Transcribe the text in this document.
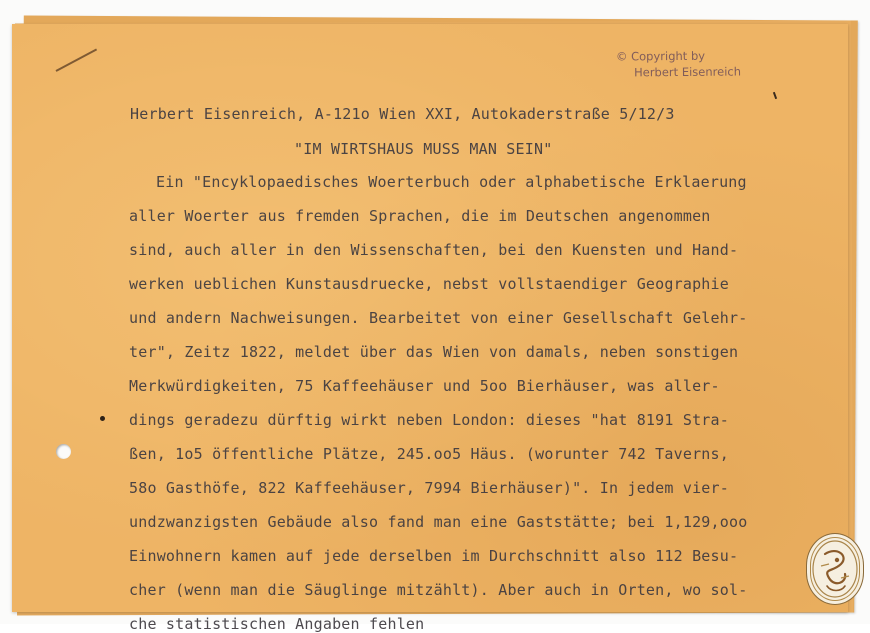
© Copyright by
Herbert Eisenreich
Herbert Eisenreich, A-121o Wien XXI, Autokaderstraße 5/12/3
"IM WIRTSHAUS MUSS MAN SEIN"
Ein "Encyklopaedisches Woerterbuch oder alphabetische Erklaerung
aller Woerter aus fremden Sprachen, die im Deutschen angenommen
sind, auch aller in den Wissenschaften, bei den Kuensten und Hand-
werken ueblichen Kunstausdruecke, nebst vollstaendiger Geographie
und andern Nachweisungen. Bearbeitet von einer Gesellschaft Gelehr-
ter", Zeitz 1822, meldet über das Wien von damals, neben sonstigen
Merkwürdigkeiten, 75 Kaffeehäuser und 5oo Bierhäuser, was aller-
dings geradezu dürftig wirkt neben London: dieses "hat 8191 Stra-
ßen, 1o5 öffentliche Plätze, 245.oo5 Häus. (worunter 742 Taverns,
58o Gasthöfe, 822 Kaffeehäuser, 7994 Bierhäuser)". In jedem vier-
undzwanzigsten Gebäude also fand man eine Gaststätte; bei 1,129,ooo
Einwohnern kamen auf jede derselben im Durchschnitt also 112 Besu-
cher (wenn man die Säuglinge mitzählt). Aber auch in Orten, wo sol-
che statistischen Angaben fehlen
